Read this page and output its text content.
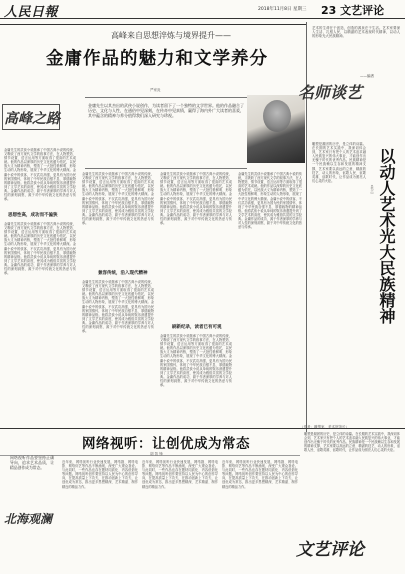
人民日報	2018年11月8日 星期三 23 文艺评论
高峰来自思想淬炼与境界提升——
金庸作品的魅力和文学养分
严家炎
高峰之路
金庸先生以其杰出的武侠小说创作，为读者留下了一个独特的文学世界。他的作品融合了历史、文化与人性，在通俗中见深刻，在传奇中见真情，赢得了海内外广大读者的喜爱，其中蕴含的精神与养分值得我们深入研究与珍视。
金庸先生的武侠小说继承了中国古典小说的传统，又吸收了西方现代文学的叙事方法，在人物塑造、情节设置、语言运用等方面取得了很高的艺术成就。他的作品以深厚的历史文化底蕴为依托，以民族大义为精神内核，塑造了一大批性格鲜明、形象生动的人物形象，展现了中华文化的博大精深。金庸小说中的侠客，不仅武功高强，更具有为国为民的家国情怀，体现了中华民族自强不息、厚德载物的精神品格。他将武侠小说从单纯的娱乐消遣提升到了文学艺术的高度，使其成为雅俗共赏的文学经典。金庸作品的成功，源于作者深厚的学养与对人性的深刻洞察，源于对中华传统文化的热爱与传承。
思想性高，成功而不偏狭
金庸先生的武侠小说继承了中国古典小说的传统，又吸收了西方现代文学的叙事方法，在人物塑造、情节设置、语言运用等方面取得了很高的艺术成就。他的作品以深厚的历史文化底蕴为依托，以民族大义为精神内核，塑造了一大批性格鲜明、形象生动的人物形象，展现了中华文化的博大精深。金庸小说中的侠客，不仅武功高强，更具有为国为民的家国情怀，体现了中华民族自强不息、厚德载物的精神品格。他将武侠小说从单纯的娱乐消遣提升到了文学艺术的高度，使其成为雅俗共赏的文学经典。金庸作品的成功，源于作者深厚的学养与对人性的深刻洞察，源于对中华传统文化的热爱与传承。
金庸先生的武侠小说继承了中国古典小说的传统，又吸收了西方现代文学的叙事方法，在人物塑造、情节设置、语言运用等方面取得了很高的艺术成就。他的作品以深厚的历史文化底蕴为依托，以民族大义为精神内核，塑造了一大批性格鲜明、形象生动的人物形象，展现了中华文化的博大精深。金庸小说中的侠客，不仅武功高强，更具有为国为民的家国情怀，体现了中华民族自强不息、厚德载物的精神品格。他将武侠小说从单纯的娱乐消遣提升到了文学艺术的高度，使其成为雅俗共赏的文学经典。金庸作品的成功，源于作者深厚的学养与对人性的深刻洞察，源于对中华传统文化的热爱与传承。
兼容传统，沿入现代精神
金庸先生的武侠小说继承了中国古典小说的传统，又吸收了西方现代文学的叙事方法，在人物塑造、情节设置、语言运用等方面取得了很高的艺术成就。他的作品以深厚的历史文化底蕴为依托，以民族大义为精神内核，塑造了一大批性格鲜明、形象生动的人物形象，展现了中华文化的博大精深。金庸小说中的侠客，不仅武功高强，更具有为国为民的家国情怀，体现了中华民族自强不息、厚德载物的精神品格。他将武侠小说从单纯的娱乐消遣提升到了文学艺术的高度，使其成为雅俗共赏的文学经典。金庸作品的成功，源于作者深厚的学养与对人性的深刻洞察，源于对中华传统文化的热爱与传承。
金庸先生的武侠小说继承了中国古典小说的传统，又吸收了西方现代文学的叙事方法，在人物塑造、情节设置、语言运用等方面取得了很高的艺术成就。他的作品以深厚的历史文化底蕴为依托，以民族大义为精神内核，塑造了一大批性格鲜明、形象生动的人物形象，展现了中华文化的博大精深。金庸小说中的侠客，不仅武功高强，更具有为国为民的家国情怀，体现了中华民族自强不息、厚德载物的精神品格。他将武侠小说从单纯的娱乐消遣提升到了文学艺术的高度，使其成为雅俗共赏的文学经典。金庸作品的成功，源于作者深厚的学养与对人性的深刻洞察，源于对中华传统文化的热爱与传承。
刷新纪录，读者已有可观
金庸先生的武侠小说继承了中国古典小说的传统，又吸收了西方现代文学的叙事方法，在人物塑造、情节设置、语言运用等方面取得了很高的艺术成就。他的作品以深厚的历史文化底蕴为依托，以民族大义为精神内核，塑造了一大批性格鲜明、形象生动的人物形象，展现了中华文化的博大精深。金庸小说中的侠客，不仅武功高强，更具有为国为民的家国情怀，体现了中华民族自强不息、厚德载物的精神品格。他将武侠小说从单纯的娱乐消遣提升到了文学艺术的高度，使其成为雅俗共赏的文学经典。金庸作品的成功，源于作者深厚的学养与对人性的深刻洞察，源于对中华传统文化的热爱与传承。
金庸先生的武侠小说继承了中国古典小说的传统，又吸收了西方现代文学的叙事方法，在人物塑造、情节设置、语言运用等方面取得了很高的艺术成就。他的作品以深厚的历史文化底蕴为依托，以民族大义为精神内核，塑造了一大批性格鲜明、形象生动的人物形象，展现了中华文化的博大精深。金庸小说中的侠客，不仅武功高强，更具有为国为民的家国情怀，体现了中华民族自强不息、厚德载物的精神品格。他将武侠小说从单纯的娱乐消遣提升到了文学艺术的高度，使其成为雅俗共赏的文学经典。金庸作品的成功，源于作者深厚的学养与对人性的深刻洞察，源于对中华传统文化的热爱与传承。
艺术的生命在于创造，创造的源泉在于生活。艺术家要深入生活、扎根人民，以精湛的艺术表现时代精神，以动人的形象光大民族精神。
——编者
名师谈艺
以动人艺术光大民族精神
吴为山
雕塑是凝固的历史，是立体的诗篇。在长期的艺术实践中，我深切体会到，艺术家只有把个人的艺术追求融入民族复兴的伟大事业，才能创作出无愧于时代的优秀作品。民族精神是一个民族赖以生存和发展的精神支撑，艺术家要以高远的立意、精湛的技艺、动人的形象，讴歌人民、讴歌英雄、讴歌时代，让作品成为照亮人们心灵的火炬。
（作者：雕塑家、美术馆馆长）
网络视听：让创优成为常态
胡 智 锋
网络视听作品要坚持正确导向，追求艺术品质，让精品创作成为常态。
北海观澜
近年来，网络视听行业快速发展，网络剧、网络电影、网络综艺等作品不断涌现，深受广大观众喜爱。与此同时，一些作品也存在题材同质化、内容低俗化等问题。网络视听创作要坚持以人民为中心的创作导向，在提高质量上下功夫，在推动创新上下功夫，让创优成为常态，推出更多思想精深、艺术精湛、制作精良的精品力作。
近年来，网络视听行业快速发展，网络剧、网络电影、网络综艺等作品不断涌现，深受广大观众喜爱。与此同时，一些作品也存在题材同质化、内容低俗化等问题。网络视听创作要坚持以人民为中心的创作导向，在提高质量上下功夫，在推动创新上下功夫，让创优成为常态，推出更多思想精深、艺术精湛、制作精良的精品力作。
近年来，网络视听行业快速发展，网络剧、网络电影、网络综艺等作品不断涌现，深受广大观众喜爱。与此同时，一些作品也存在题材同质化、内容低俗化等问题。网络视听创作要坚持以人民为中心的创作导向，在提高质量上下功夫，在推动创新上下功夫，让创优成为常态，推出更多思想精深、艺术精湛、制作精良的精品力作。
雕塑是凝固的历史，是立体的诗篇。在长期的艺术实践中，我深切体会到，艺术家只有把个人的艺术追求融入民族复兴的伟大事业，才能创作出无愧于时代的优秀作品。民族精神是一个民族赖以生存和发展的精神支撑，艺术家要以高远的立意、精湛的技艺、动人的形象，讴歌人民、讴歌英雄、讴歌时代，让作品成为照亮人们心灵的火炬。
文艺评论
